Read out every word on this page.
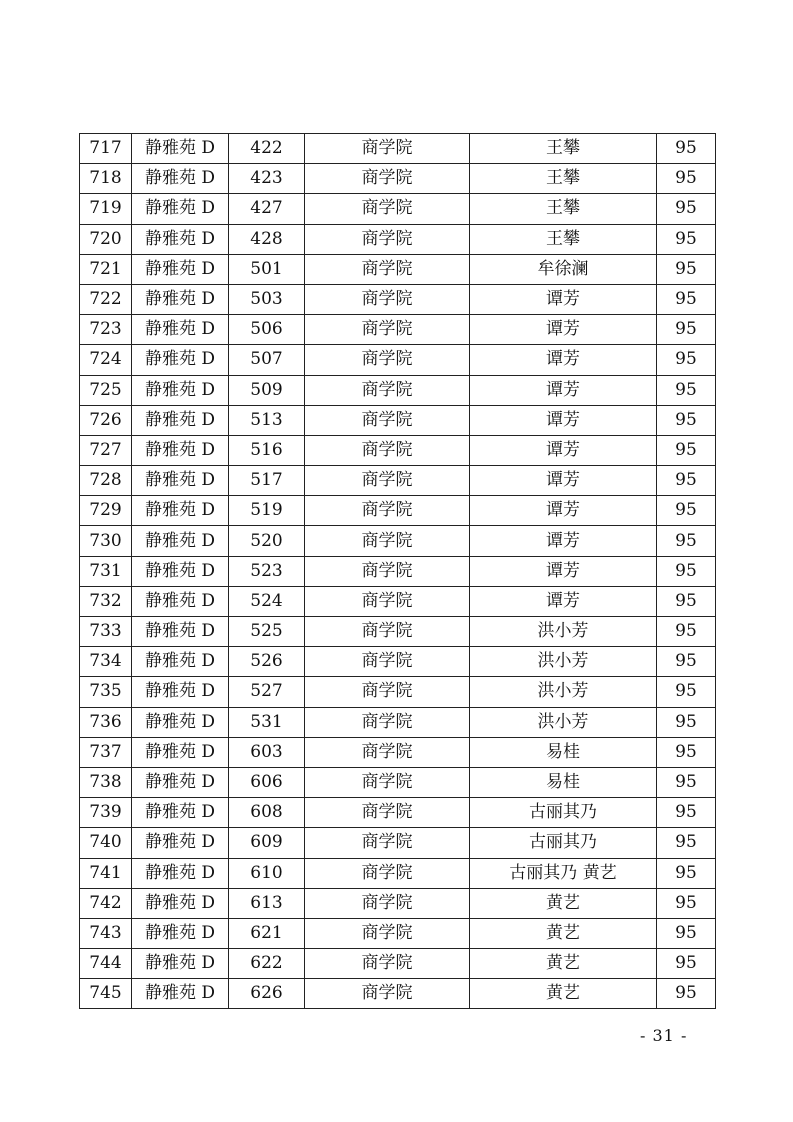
717	静雅苑 D	422	商学院	王攀	95
718	静雅苑 D	423	商学院	王攀	95
719	静雅苑 D	427	商学院	王攀	95
720	静雅苑 D	428	商学院	王攀	95
721	静雅苑 D	501	商学院	牟徐澜	95
722	静雅苑 D	503	商学院	谭芳	95
723	静雅苑 D	506	商学院	谭芳	95
724	静雅苑 D	507	商学院	谭芳	95
725	静雅苑 D	509	商学院	谭芳	95
726	静雅苑 D	513	商学院	谭芳	95
727	静雅苑 D	516	商学院	谭芳	95
728	静雅苑 D	517	商学院	谭芳	95
729	静雅苑 D	519	商学院	谭芳	95
730	静雅苑 D	520	商学院	谭芳	95
731	静雅苑 D	523	商学院	谭芳	95
732	静雅苑 D	524	商学院	谭芳	95
733	静雅苑 D	525	商学院	洪小芳	95
734	静雅苑 D	526	商学院	洪小芳	95
735	静雅苑 D	527	商学院	洪小芳	95
736	静雅苑 D	531	商学院	洪小芳	95
737	静雅苑 D	603	商学院	易桂	95
738	静雅苑 D	606	商学院	易桂	95
739	静雅苑 D	608	商学院	古丽其乃	95
740	静雅苑 D	609	商学院	古丽其乃	95
741	静雅苑 D	610	商学院	古丽其乃 黄艺	95
742	静雅苑 D	613	商学院	黄艺	95
743	静雅苑 D	621	商学院	黄艺	95
744	静雅苑 D	622	商学院	黄艺	95
745	静雅苑 D	626	商学院	黄艺	95
- 31 -
